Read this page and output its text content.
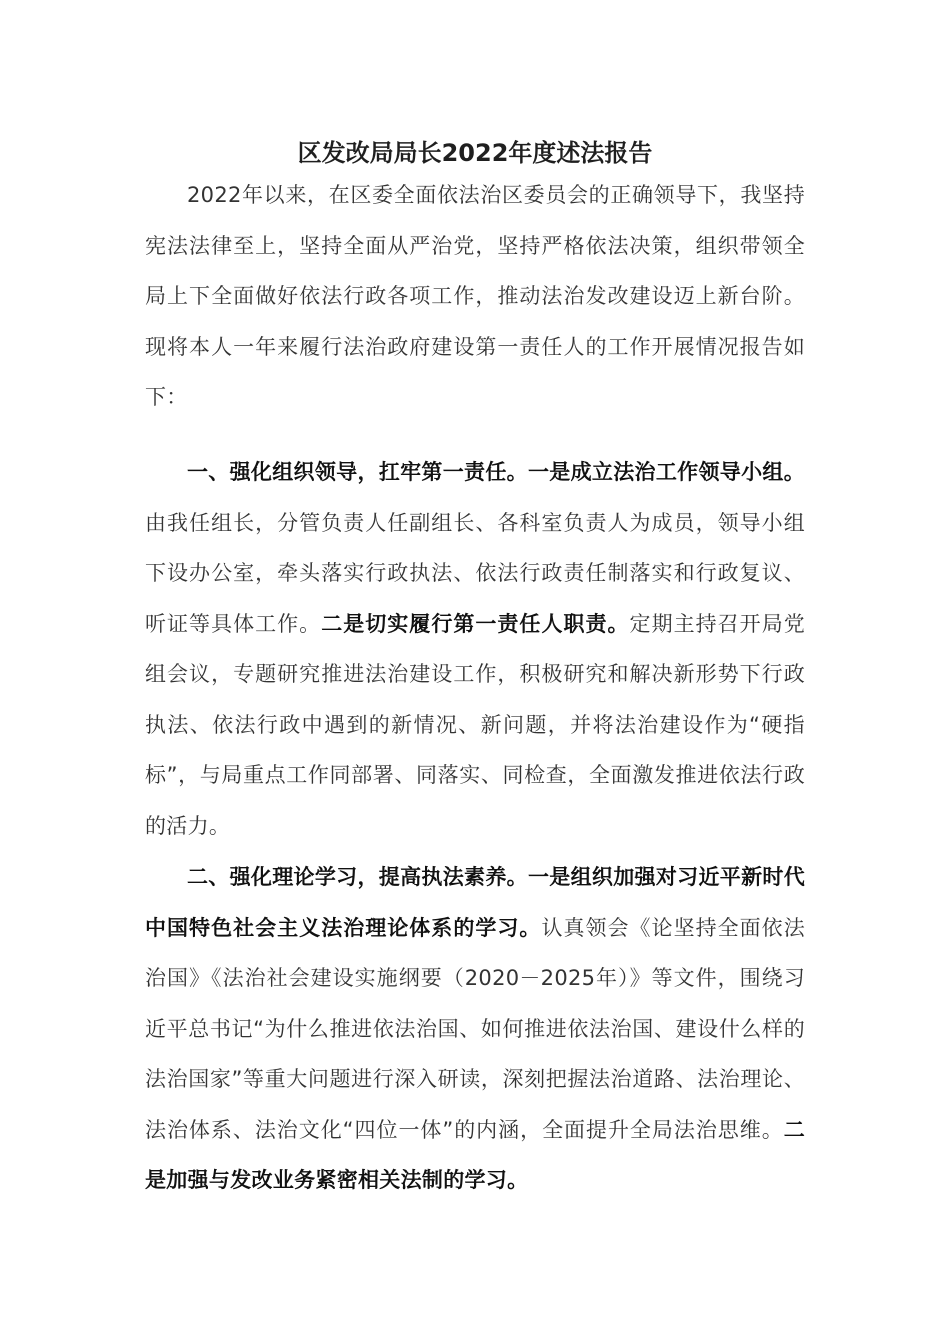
区发改局局长2022年度述法报告

2022年以来，在区委全面依法治区委员会的正确领导下，我坚持宪法法律至上，坚持全面从严治党，坚持严格依法决策，组织带领全局上下全面做好依法行政各项工作，推动法治发改建设迈上新台阶。现将本人一年来履行法治政府建设第一责任人的工作开展情况报告如下：

一、强化组织领导，扛牢第一责任。一是成立法治工作领导小组。由我任组长，分管负责人任副组长、各科室负责人为成员，领导小组下设办公室，牵头落实行政执法、依法行政责任制落实和行政复议、听证等具体工作。二是切实履行第一责任人职责。定期主持召开局党组会议，专题研究推进法治建设工作，积极研究和解决新形势下行政执法、依法行政中遇到的新情况、新问题，并将法治建设作为“硬指标”，与局重点工作同部署、同落实、同检查，全面激发推进依法行政的活力。

二、强化理论学习，提高执法素养。一是组织加强对习近平新时代中国特色社会主义法治理论体系的学习。认真领会《论坚持全面依法治国》《法治社会建设实施纲要（2020－2025年）》等文件，围绕习近平总书记“为什么推进依法治国、如何推进依法治国、建设什么样的法治国家”等重大问题进行深入研读，深刻把握法治道路、法治理论、法治体系、法治文化“四位一体”的内涵，全面提升全局法治思维。二是加强与发改业务紧密相关法制的学习。
